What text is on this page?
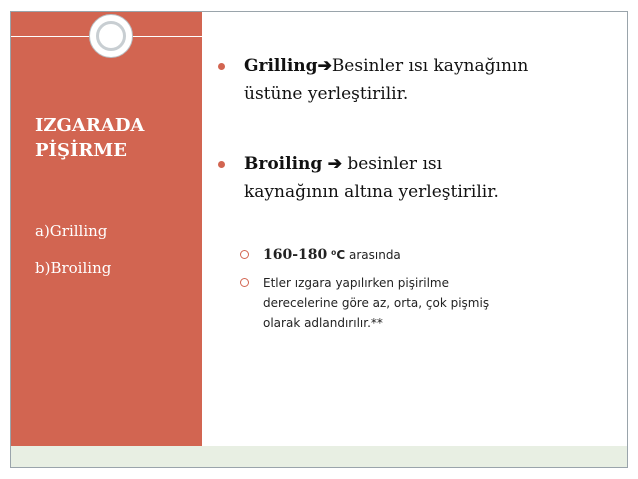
IZGARADA
PİŞİRME
a)Grilling
b)Broiling
Grilling➔Besinler ısı kaynağının
üstüne yerleştirilir.
Broiling ➔ besinler ısı
kaynağının altına yerleştirilir.
160-180 ⁰C arasında
Etler ızgara yapılırken pişirilme
derecelerine göre az, orta, çok pişmiş
olarak adlandırılır.**
